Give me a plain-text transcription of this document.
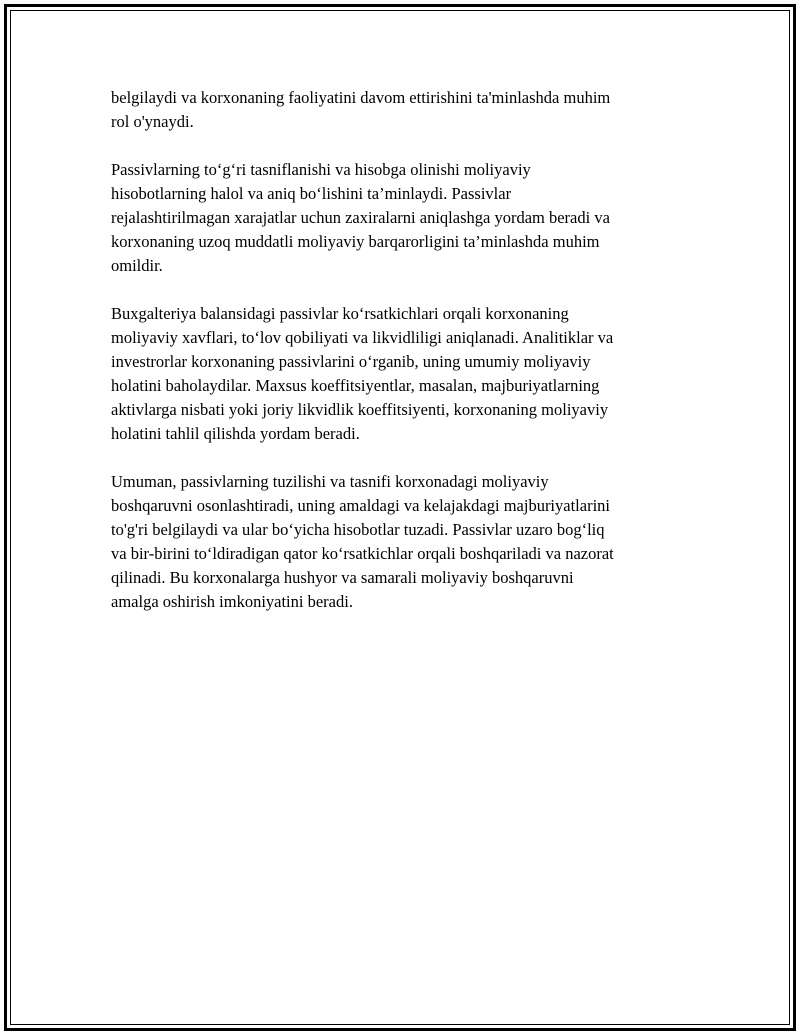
belgilaydi va korxonaning faoliyatini davom ettirishini ta'minlashda muhim
rol o'ynaydi.

Passivlarning to‘g‘ri tasniflanishi va hisobga olinishi moliyaviy
hisobotlarning halol va aniq bo‘lishini ta’minlaydi. Passivlar
rejalashtirilmagan xarajatlar uchun zaxiralarni aniqlashga yordam beradi va
korxonaning uzoq muddatli moliyaviy barqarorligini ta’minlashda muhim
omildir.

Buxgalteriya balansidagi passivlar ko‘rsatkichlari orqali korxonaning
moliyaviy xavflari, to‘lov qobiliyati va likvidliligi aniqlanadi. Analitiklar va
investrorlar korxonaning passivlarini o‘rganib, uning umumiy moliyaviy
holatini baholaydilar. Maxsus koeffitsiyentlar, masalan, majburiyatlarning
aktivlarga nisbati yoki joriy likvidlik koeffitsiyenti, korxonaning moliyaviy
holatini tahlil qilishda yordam beradi.

Umuman, passivlarning tuzilishi va tasnifi korxonadagi moliyaviy
boshqaruvni osonlashtiradi, uning amaldagi va kelajakdagi majburiyatlarini
to'g'ri belgilaydi va ular bo‘yicha hisobotlar tuzadi. Passivlar uzaro bog‘liq
va bir-birini to‘ldiradigan qator ko‘rsatkichlar orqali boshqariladi va nazorat
qilinadi. Bu korxonalarga hushyor va samarali moliyaviy boshqaruvni
amalga oshirish imkoniyatini beradi.
